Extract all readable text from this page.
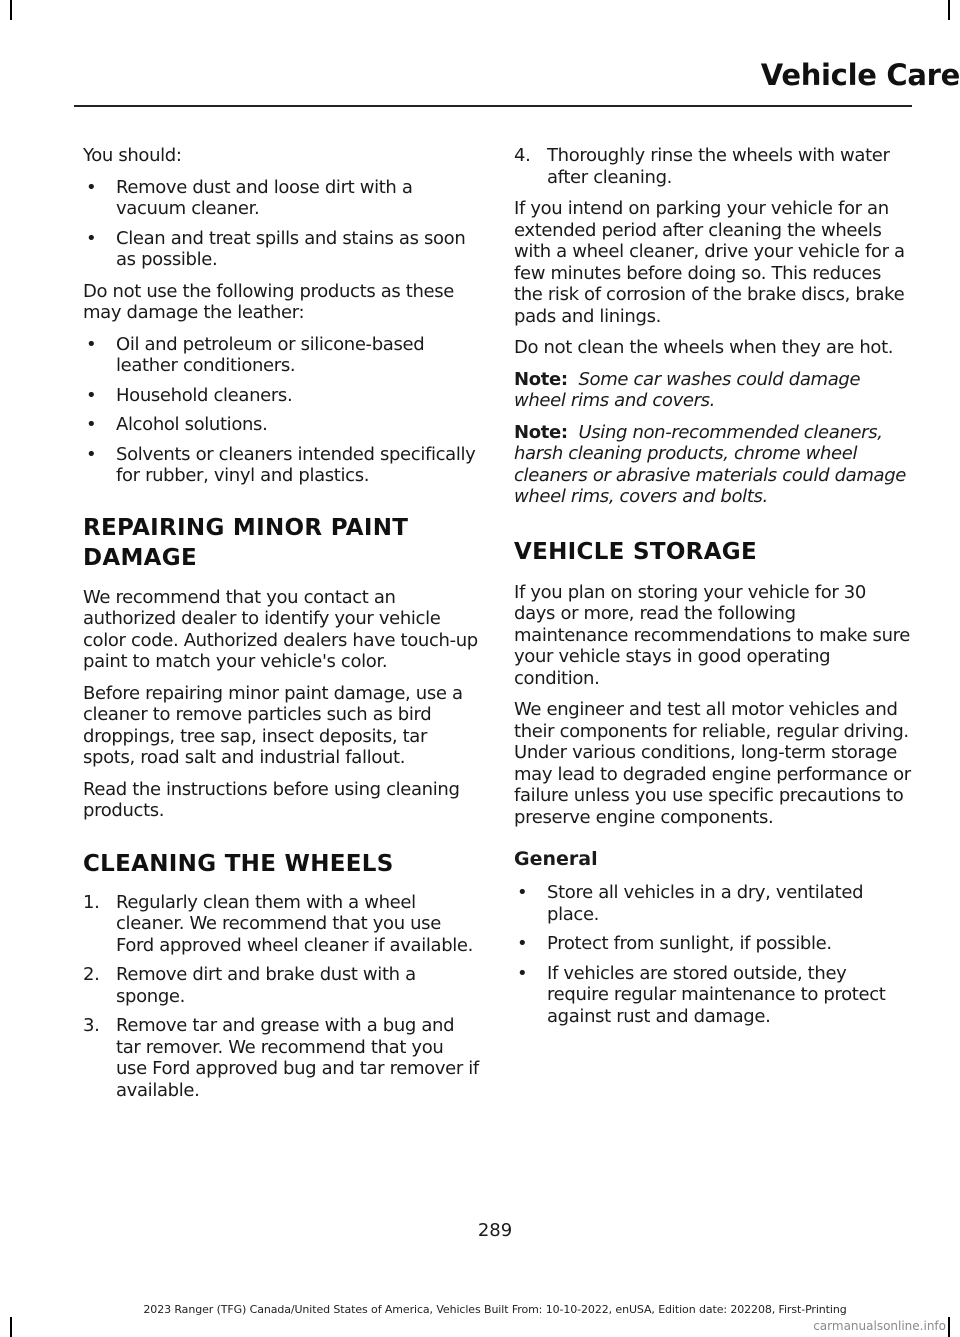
Vehicle Care

You should:

• Remove dust and loose dirt with a vacuum cleaner.
• Clean and treat spills and stains as soon as possible.

Do not use the following products as these may damage the leather:

• Oil and petroleum or silicone-based leather conditioners.
• Household cleaners.
• Alcohol solutions.
• Solvents or cleaners intended specifically for rubber, vinyl and plastics.
REPAIRING MINOR PAINT
DAMAGE

We recommend that you contact an authorized dealer to identify your vehicle color code. Authorized dealers have touch-up paint to match your vehicle's color.

Before repairing minor paint damage, use a cleaner to remove particles such as bird droppings, tree sap, insect deposits, tar spots, road salt and industrial fallout.

Read the instructions before using cleaning products.

CLEANING THE WHEELS
1. Regularly clean them with a wheel cleaner. We recommend that you use Ford approved wheel cleaner if available.
2. Remove dirt and brake dust with a sponge.
3. Remove tar and grease with a bug and tar remover. We recommend that you use Ford approved bug and tar remover if available.
4. Thoroughly rinse the wheels with water after cleaning.

If you intend on parking your vehicle for an extended period after cleaning the wheels with a wheel cleaner, drive your vehicle for a few minutes before doing so. This reduces the risk of corrosion of the brake discs, brake pads and linings.

Do not clean the wheels when they are hot.

Note: Some car washes could damage wheel rims and covers.

Note: Using non-recommended cleaners, harsh cleaning products, chrome wheel cleaners or abrasive materials could damage wheel rims, covers and bolts.

VEHICLE STORAGE

If you plan on storing your vehicle for 30 days or more, read the following maintenance recommendations to make sure your vehicle stays in good operating condition.

We engineer and test all motor vehicles and their components for reliable, regular driving. Under various conditions, long-term storage may lead to degraded engine performance or failure unless you use specific precautions to preserve engine components.

General
• Store all vehicles in a dry, ventilated place.
• Protect from sunlight, if possible.
• If vehicles are stored outside, they require regular maintenance to protect against rust and damage.
289
2023 Ranger (TFG) Canada/United States of America, Vehicles Built From: 10-10-2022, enUSA, Edition date: 202208, First-Printing
carmanualsonline.info
